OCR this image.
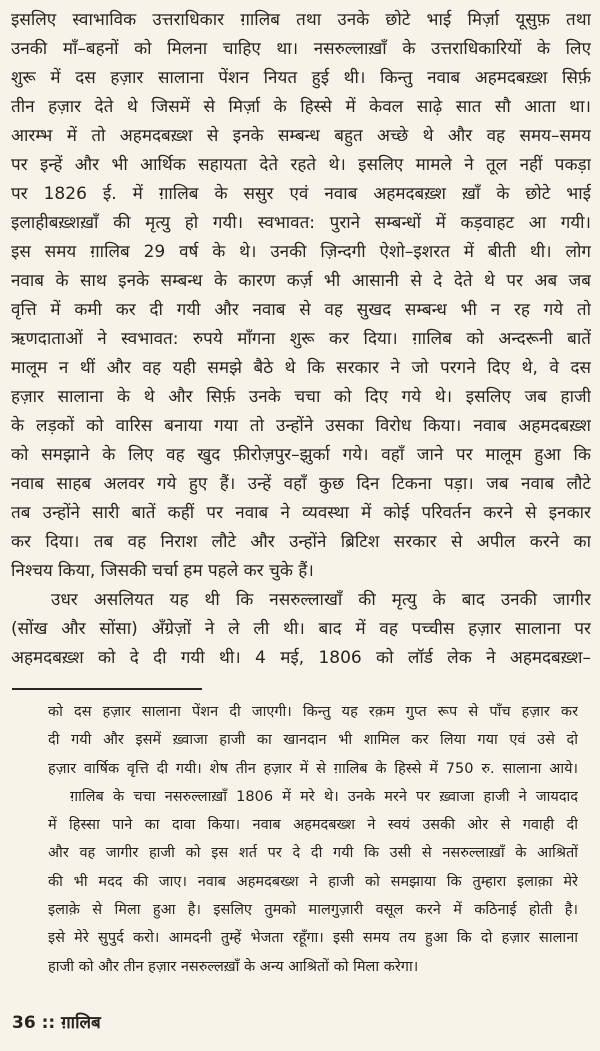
इसलिए स्वाभाविक उत्तराधिकार ग़ालिब तथा उनके छोटे भाई मिर्ज़ा यूसुफ़ तथा
उनकी माँ–बहनों को मिलना चाहिए था। नसरुल्लाख़ाँ के उत्तराधिकारियों के लिए
शुरू में दस हज़ार सालाना पेंशन नियत हुई थी। किन्तु नवाब अहमदबख़्श सिर्फ़
तीन हज़ार देते थे जिसमें से मिर्ज़ा के हिस्से में केवल साढ़े सात सौ आता था।
आरम्भ में तो अहमदबख़्श से इनके सम्बन्ध बहुत अच्छे थे और वह समय–समय
पर इन्हें और भी आर्थिक सहायता देते रहते थे। इसलिए मामले ने तूल नहीं पकड़ा
पर 1826 ई. में ग़ालिब के ससुर एवं नवाब अहमदबख़्श ख़ाँ के छोटे भाई
इलाहीबख़्शख़ाँ की मृत्यु हो गयी। स्वभावत: पुराने सम्बन्धों में कड़वाहट आ गयी।
इस समय ग़ालिब 29 वर्ष के थे। उनकी ज़िन्दगी ऐशो–इशरत में बीती थी। लोग
नवाब के साथ इनके सम्बन्ध के कारण कर्ज़ भी आसानी से दे देते थे पर अब जब
वृत्ति में कमी कर दी गयी और नवाब से वह सुखद सम्बन्ध भी न रह गये तो
ऋणदाताओं ने स्वभावत: रुपये माँगना शुरू कर दिया। ग़ालिब को अन्दरूनी बातें
मालूम न थीं और वह यही समझे बैठे थे कि सरकार ने जो परगने दिए थे, वे दस
हज़ार सालाना के थे और सिर्फ़ उनके चचा को दिए गये थे। इसलिए जब हाजी
के लड़कों को वारिस बनाया गया तो उन्होंने उसका विरोध किया। नवाब अहमदबख़्श
को समझाने के लिए वह खुद फ़ीरोज़पुर–झुर्का गये। वहाँ जाने पर मालूम हुआ कि
नवाब साहब अलवर गये हुए हैं। उन्हें वहाँ कुछ दिन टिकना पड़ा। जब नवाब लौटे
तब उन्होंने सारी बातें कहीं पर नवाब ने व्यवस्था में कोई परिवर्तन करने से इनकार
कर दिया। तब वह निराश लौटे और उन्होंने ब्रिटिश सरकार से अपील करने का
निश्चय किया, जिसकी चर्चा हम पहले कर चुके हैं।
उधर असलियत यह थी कि नसरुल्लाखाँ की मृत्यु के बाद उनकी जागीर
(सोंख और सोंसा) अँग्रेज़ों ने ले ली थी। बाद में वह पच्चीस हज़ार सालाना पर
अहमदबख़्श को दे दी गयी थी। 4 मई, 1806 को लॉर्ड लेक ने अहमदबख़्श–
को दस हज़ार सालाना पेंशन दी जाएगी। किन्तु यह रक़म गुप्त रूप से पाँच हज़ार कर
दी गयी और इसमें ख़्वाजा हाजी का खानदान भी शामिल कर लिया गया एवं उसे दो
हज़ार वार्षिक वृत्ति दी गयी। शेष तीन हज़ार में से ग़ालिब के हिस्से में 750 रु. सालाना आये।
ग़ालिब के चचा नसरुल्लाख़ाँ 1806 में मरे थे। उनके मरने पर ख़्वाजा हाजी ने जायदाद
में हिस्सा पाने का दावा किया। नवाब अहमदबख्श ने स्वयं उसकी ओर से गवाही दी
और वह जागीर हाजी को इस शर्त पर दे दी गयी कि उसी से नसरुल्लाख़ाँ के आश्रितों
की भी मदद की जाए। नवाब अहमदबख्श ने हाजी को समझाया कि तुम्हारा इलाक़ा मेरे
इलाक़े से मिला हुआ है। इसलिए तुमको मालगुज़ारी वसूल करने में कठिनाई होती है।
इसे मेरे सुपुर्द करो। आमदनी तुम्हें भेजता रहूँगा। इसी समय तय हुआ कि दो हज़ार सालाना
हाजी को और तीन हज़ार नसरुल्लख़ाँ के अन्य आश्रितों को मिला करेगा।
36 :: ग़ालिब
